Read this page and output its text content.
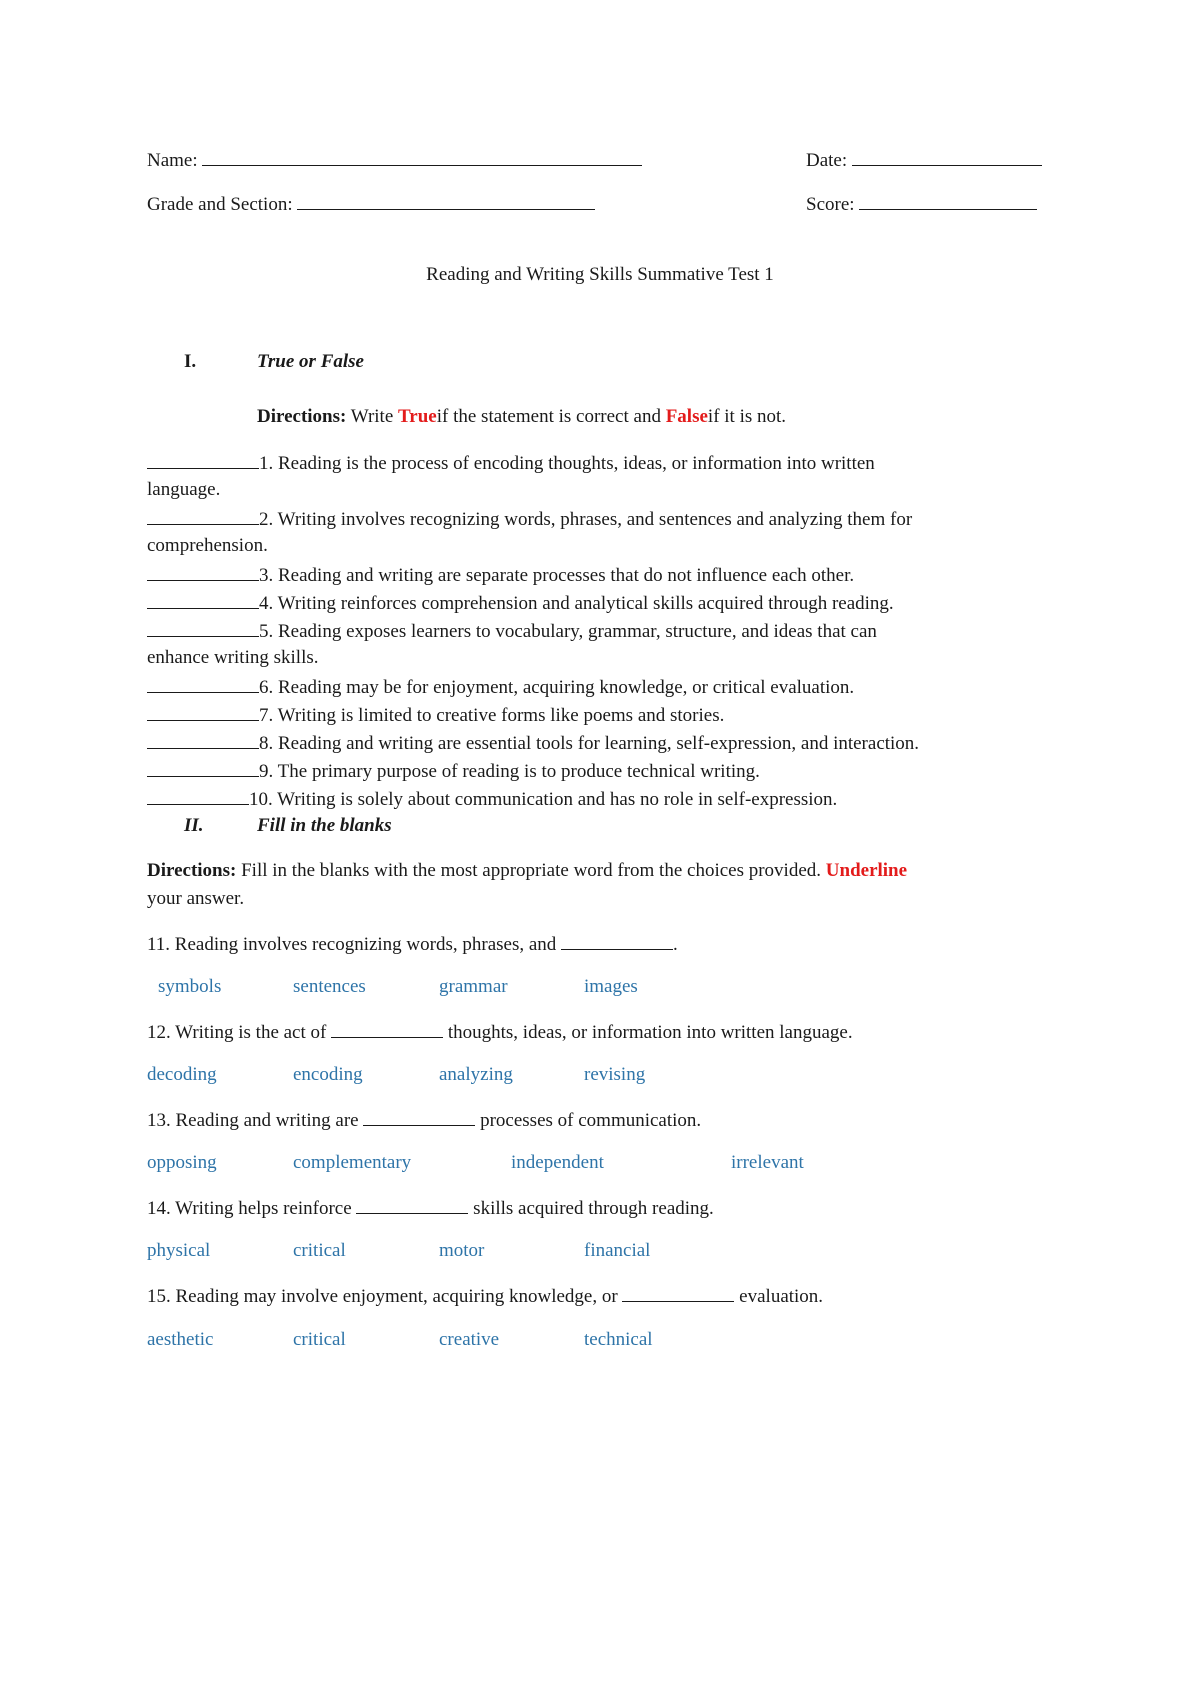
Name:	Date:
Grade and Section:	Score:
Reading and Writing Skills Summative Test 1
I.	True or False
Directions: Write Trueif the statement is correct and Falseif it is not.
1. Reading is the process of encoding thoughts, ideas, or information into written
language.
2. Writing involves recognizing words, phrases, and sentences and analyzing them for
comprehension.
3. Reading and writing are separate processes that do not influence each other.
4. Writing reinforces comprehension and analytical skills acquired through reading.
5. Reading exposes learners to vocabulary, grammar, structure, and ideas that can
enhance writing skills.
6. Reading may be for enjoyment, acquiring knowledge, or critical evaluation.
7. Writing is limited to creative forms like poems and stories.
8. Reading and writing are essential tools for learning, self-expression, and interaction.
9. The primary purpose of reading is to produce technical writing.
10. Writing is solely about communication and has no role in self-expression.
II.	Fill in the blanks
Directions: Fill in the blanks with the most appropriate word from the choices provided. Underline
your answer.
11. Reading involves recognizing words, phrases, and	.
symbols	sentences	grammar	images
12. Writing is the act of	thoughts, ideas, or information into written language.
decoding	encoding	analyzing	revising
13. Reading and writing are	processes of communication.
opposing	complementary	independent	irrelevant
14. Writing helps reinforce	skills acquired through reading.
physical	critical	motor	financial
15. Reading may involve enjoyment, acquiring knowledge, or	evaluation.
aesthetic	critical	creative	technical
